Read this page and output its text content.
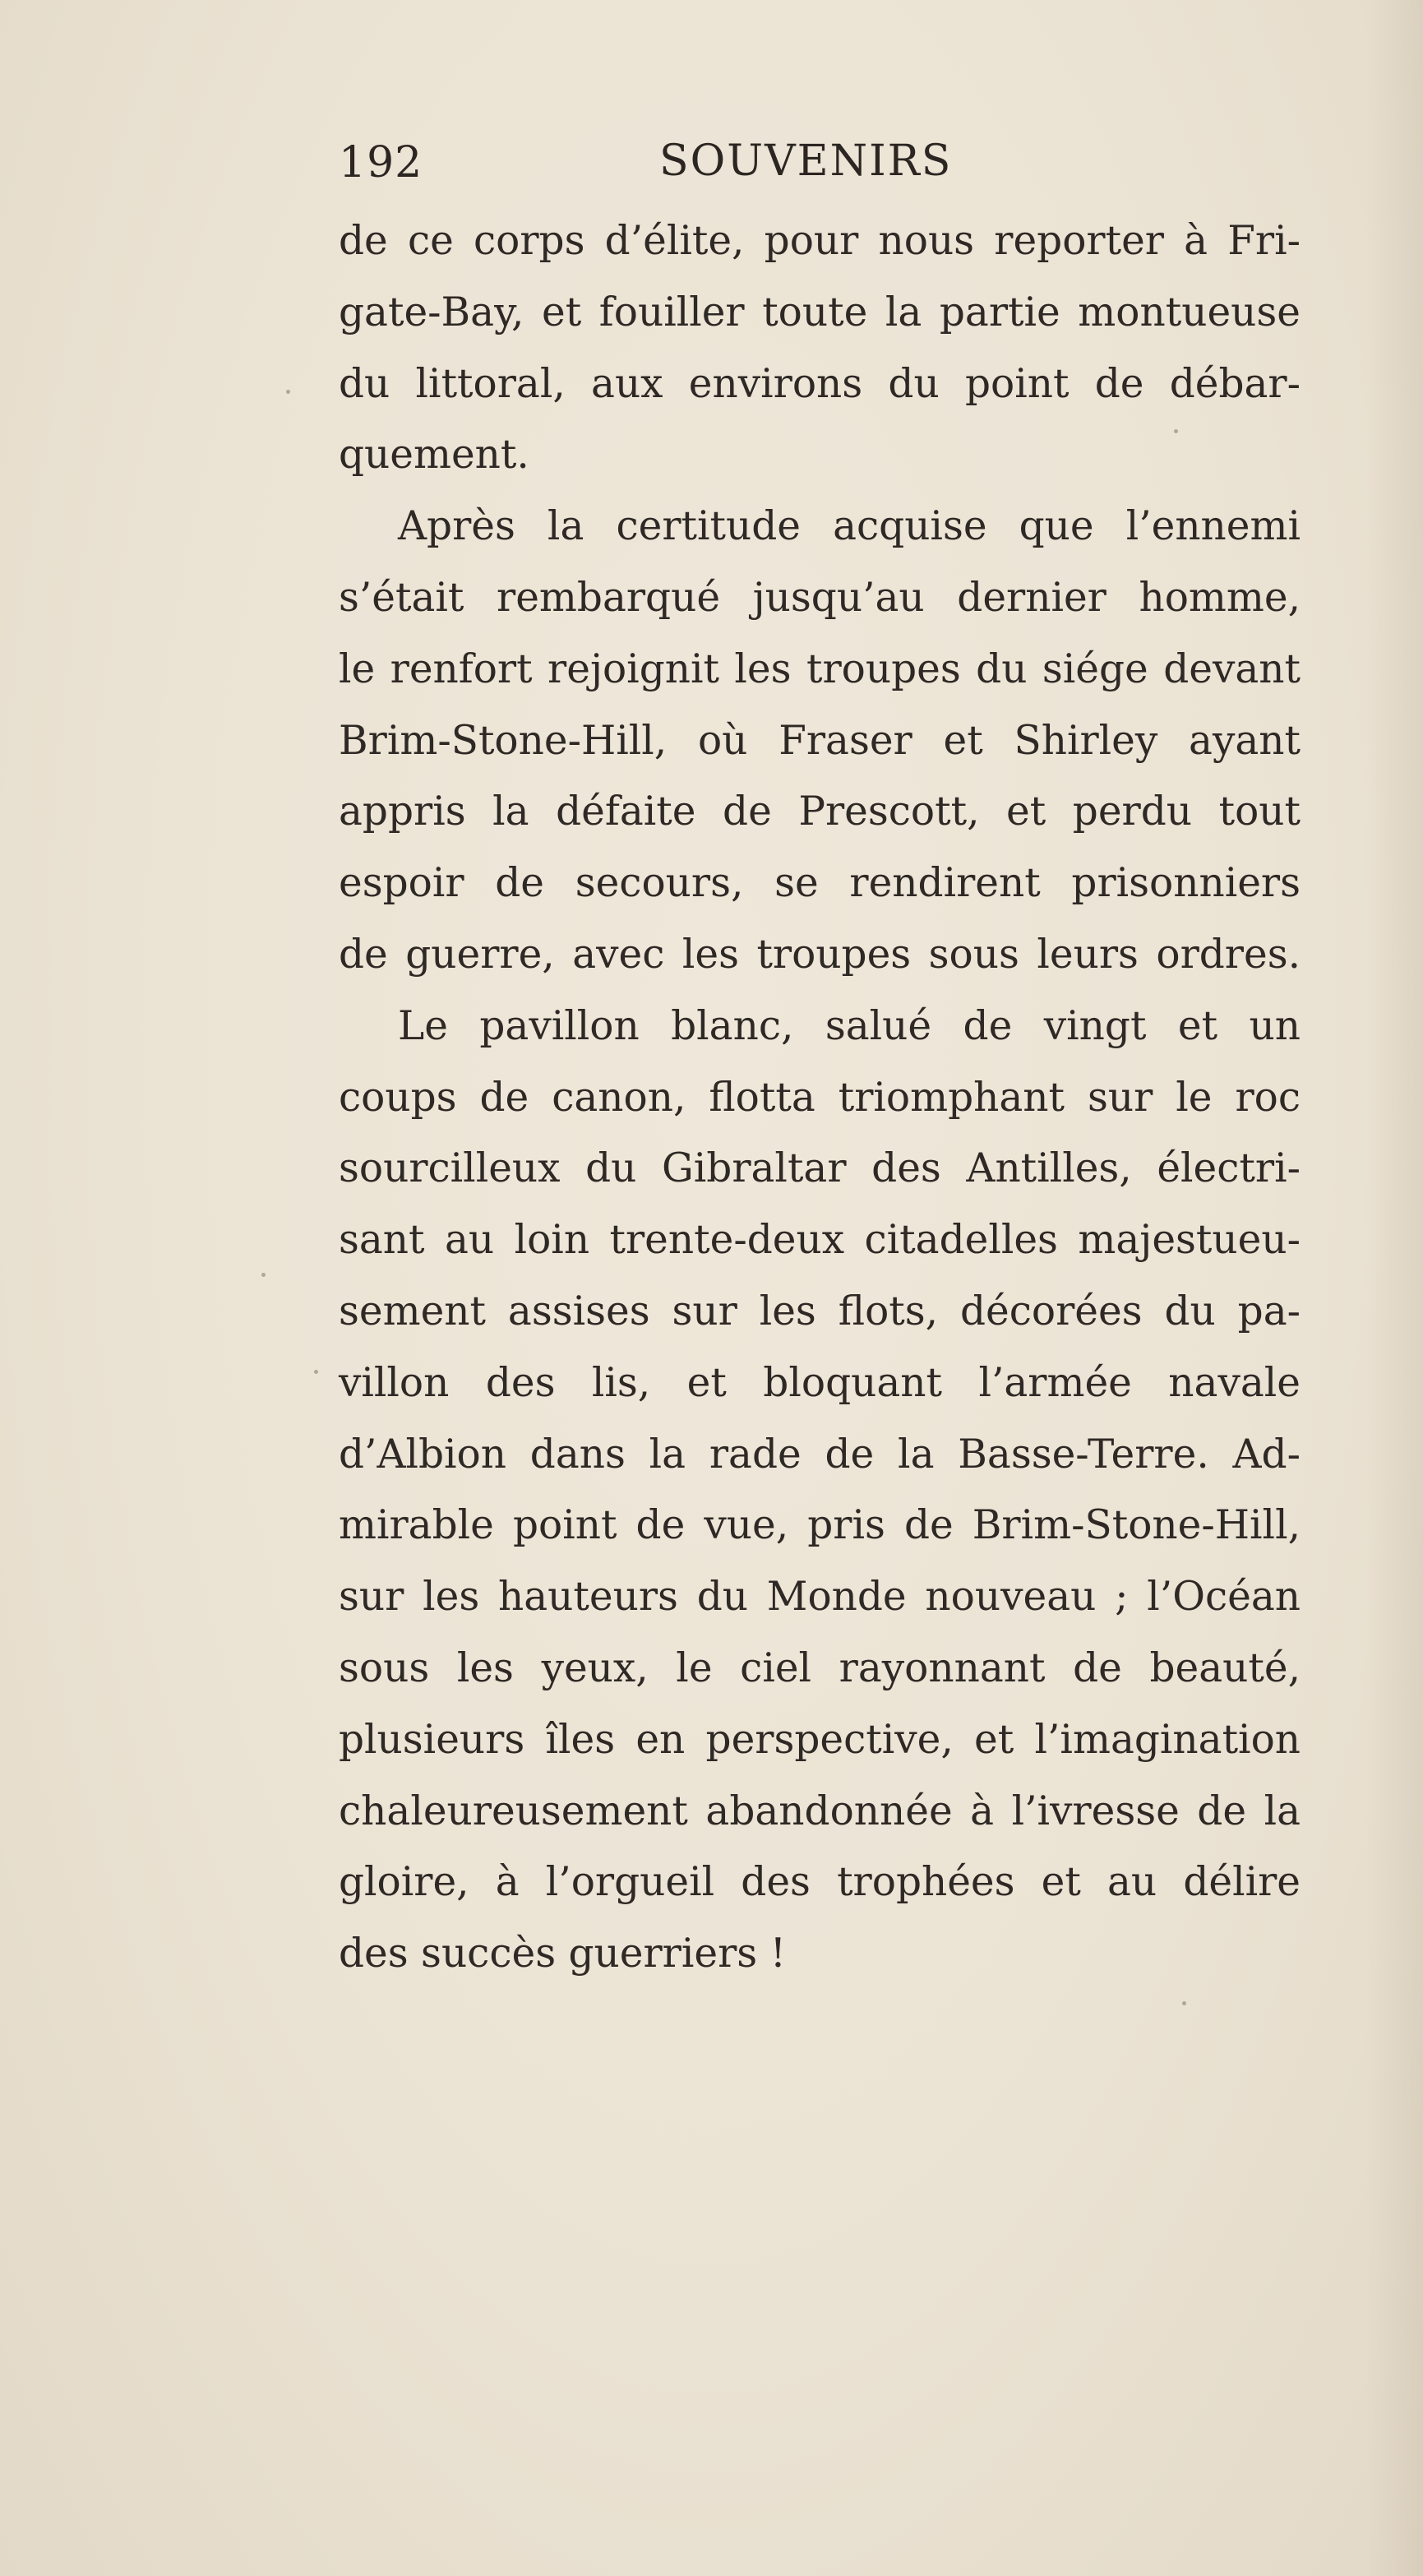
192	SOUVENIRS
de ce corps d’élite, pour nous reporter à Fri-
gate-Bay, et fouiller toute la partie montueuse
du littoral, aux environs du point de débar-
quement.
Après la certitude acquise que l’ennemi
s’était rembarqué jusqu’au dernier homme,
le renfort rejoignit les troupes du siége devant
Brim-Stone-Hill, où Fraser et Shirley ayant
appris la défaite de Prescott, et perdu tout
espoir de secours, se rendirent prisonniers
de guerre, avec les troupes sous leurs ordres.
Le pavillon blanc, salué de vingt et un
coups de canon, flotta triomphant sur le roc
sourcilleux du Gibraltar des Antilles, électri-
sant au loin trente-deux citadelles majestueu-
sement assises sur les flots, décorées du pa-
villon des lis, et bloquant l’armée navale
d’Albion dans la rade de la Basse-Terre. Ad-
mirable point de vue, pris de Brim-Stone-Hill,
sur les hauteurs du Monde nouveau ; l’Océan
sous les yeux, le ciel rayonnant de beauté,
plusieurs îles en perspective, et l’imagination
chaleureusement abandonnée à l’ivresse de la
gloire, à l’orgueil des trophées et au délire
des succès guerriers !
